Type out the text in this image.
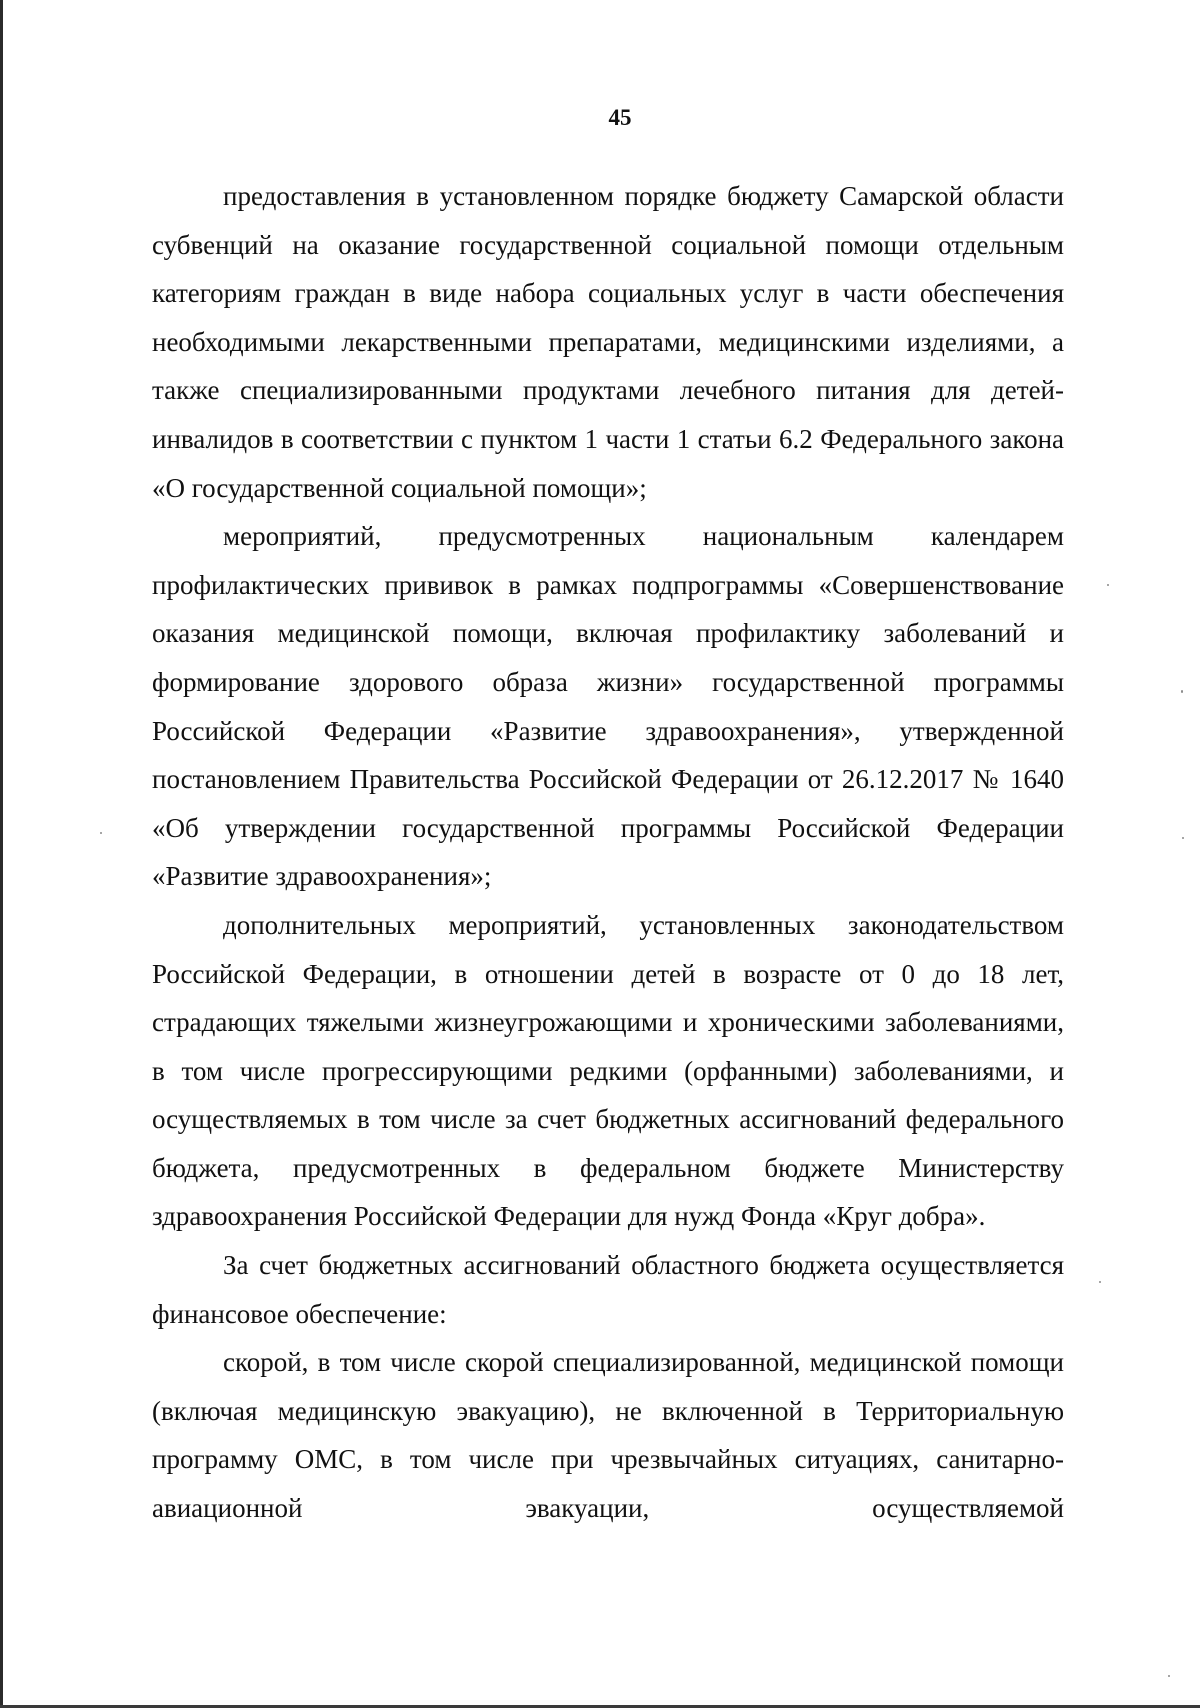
45

предоставления в установленном порядке бюджету Самарской области субвенций на оказание государственной социальной помощи отдельным категориям граждан в виде набора социальных услуг в части обеспечения необходимыми лекарственными препаратами, медицинскими изделиями, а также специализированными продуктами лечебного питания для детей-инвалидов в соответствии с пунктом 1 части 1 статьи 6.2 Федерального закона «О государственной социальной помощи»;

мероприятий, предусмотренных национальным календарем профилактических прививок в рамках подпрограммы «Совершенствование оказания медицинской помощи, включая профилактику заболеваний и формирование здорового образа жизни» государственной программы Российской Федерации «Развитие здравоохранения», утвержденной постановлением Правительства Российской Федерации от 26.12.2017 № 1640 «Об утверждении государственной программы Российской Федерации «Развитие здравоохранения»;

дополнительных мероприятий, установленных законодательством Российской Федерации, в отношении детей в возрасте от 0 до 18 лет, страдающих тяжелыми жизнеугрожающими и хроническими заболеваниями, в том числе прогрессирующими редкими (орфанными) заболеваниями, и осуществляемых в том числе за счет бюджетных ассигнований федерального бюджета, предусмотренных в федеральном бюджете Министерству здравоохранения Российской Федерации для нужд Фонда «Круг добра».

За счет бюджетных ассигнований областного бюджета осуществляется финансовое обеспечение:

скорой, в том числе скорой специализированной, медицинской помощи (включая медицинскую эвакуацию), не включенной в Территориальную программу ОМС, в том числе при чрезвычайных ситуациях, санитарно-авиационной эвакуации, осуществляемой
